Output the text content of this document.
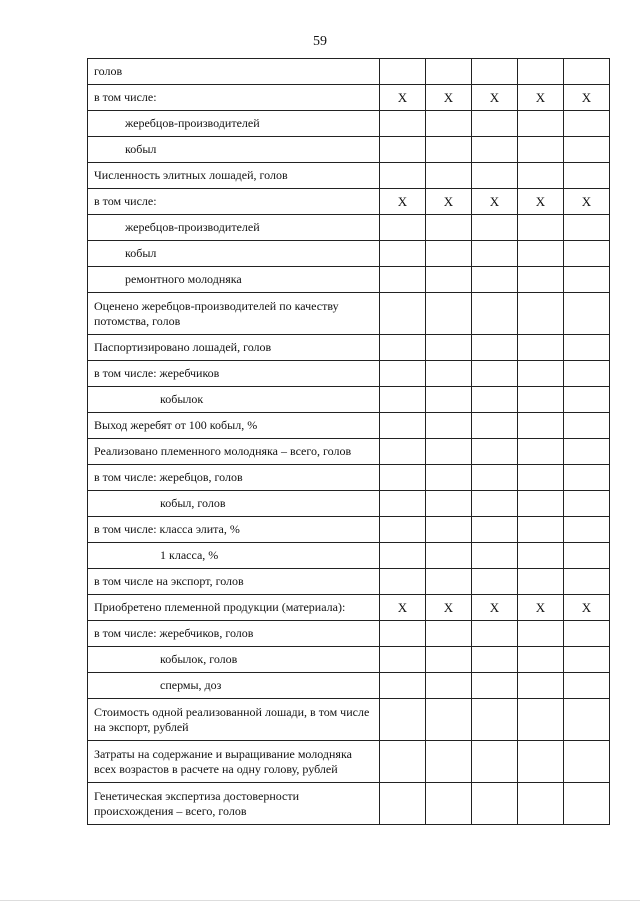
59
голов					
в том числе:	X	X	X	X	X
жеребцов-производителей					
кобыл					
Численность элитных лошадей, голов					
в том числе:	X	X	X	X	X
жеребцов-производителей					
кобыл					
ремонтного молодняка					
Оценено жеребцов-производителей по качеству потомства, голов					
Паспортизировано лошадей, голов					
в том числе: жеребчиков					
кобылок					
Выход жеребят от 100 кобыл, %					
Реализовано племенного молодняка – всего, голов					
в том числе: жеребцов, голов					
кобыл, голов					
в том числе: класса элита, %					
1 класса, %					
в том числе на экспорт, голов					
Приобретено племенной продукции (материала):	X	X	X	X	X
в том числе: жеребчиков, голов					
кобылок, голов					
спермы, доз					
Стоимость одной реализованной лошади, в том числе на экспорт, рублей					
Затраты на содержание и выращивание молодняка всех возрастов в расчете на одну голову, рублей					
Генетическая экспертиза достоверности происхождения – всего, голов					
